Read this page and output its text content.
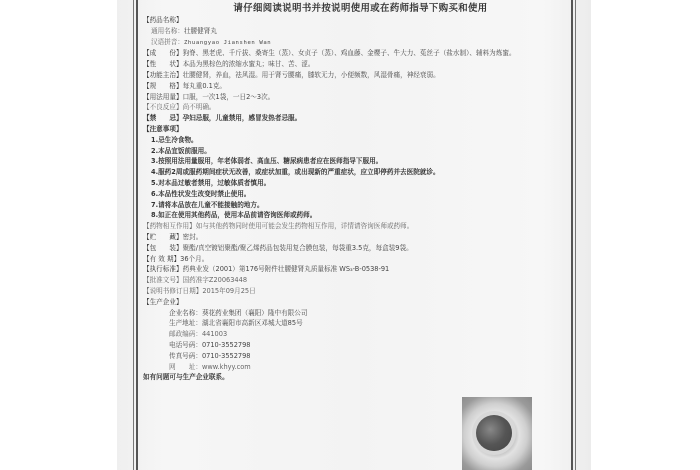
请仔细阅读说明书并按说明使用或在药师指导下购买和使用
【药品名称】
通用名称：壮腰健肾丸
汉语拼音：Zhuangyao Jianshen Wan
【成　　份】狗脊、黑老虎、千斤拔、桑寄生（蒸）、女贞子（蒸）、鸡血藤、金樱子、牛大力、菟丝子（盐水制）、辅料为炼蜜。
【性　　状】本品为黑棕色的浓缩水蜜丸；味甘、苦、涩。
【功能主治】壮腰健肾，养血，祛风湿。用于肾亏腰痛，膝软无力，小便频数，风湿骨痛，神经衰弱。
【规　　格】每丸重0.1克。
【用法用量】口服，一次1袋，一日2～3次。
【不良反应】尚不明确。
【禁　　忌】孕妇忌服，儿童禁用，感冒发热者忌服。
【注意事项】
1.忌生冷食物。
2.本品宜饭前服用。
3.按照用法用量服用，年老体弱者、高血压、糖尿病患者应在医师指导下服用。
4.服药2周或服药期间症状无改善，或症状加重，或出现新的严重症状，应立即停药并去医院就诊。
5.对本品过敏者禁用，过敏体质者慎用。
6.本品性状发生改变时禁止使用。
7.请将本品放在儿童不能接触的地方。
8.如正在使用其他药品，使用本品前请咨询医师或药师。
【药物相互作用】如与其他药物同时使用可能会发生药物相互作用，详情请咨询医师或药师。
【贮　　藏】密封。
【包　　装】聚酯/真空镀铝聚酯/聚乙烯药品包装用复合膜包装，每袋重3.5克，每盒装9袋。
【有 效 期】36个月。
【执行标准】药典业发（2001）第176号附件壮腰健肾丸质量标准 WS₃-B-0538-91
【批准文号】国药准字Z20063448
【说明书修订日期】2015年09月25日
【生产企业】
企业名称：葵花药业集团（襄阳）隆中有限公司
生产地址：湖北省襄阳市高新区邓城大道85号
邮政编码：441003
电话号码：0710-3552798
传真号码：0710-3552798
网　　址：www.khyy.com
如有问题可与生产企业联系。
